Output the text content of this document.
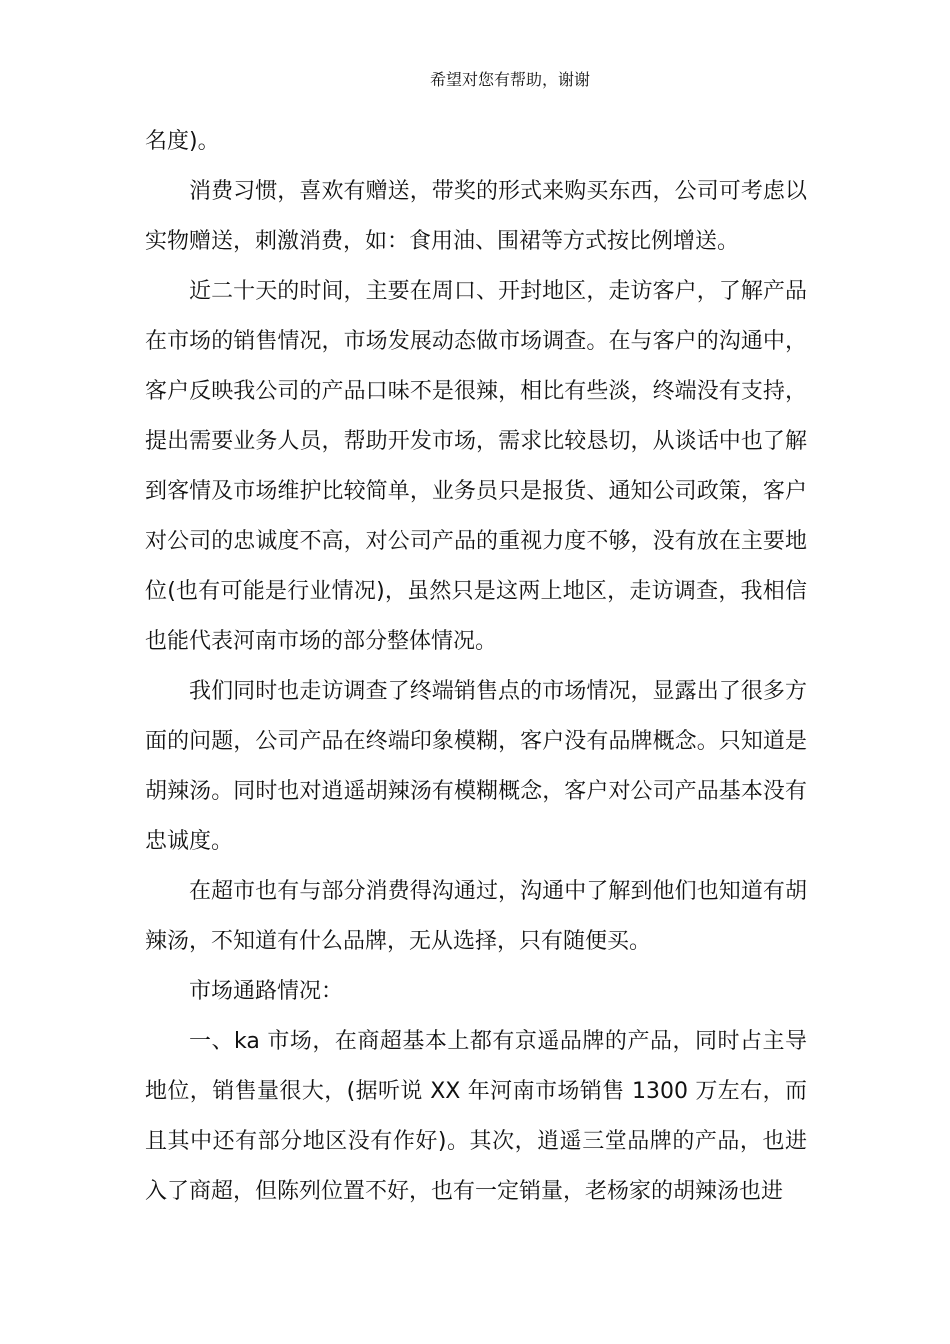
希望对您有帮助，谢谢

名度)。

消费习惯，喜欢有赠送，带奖的形式来购买东西，公司可考虑以实物赠送，刺激消费，如：食用油、围裙等方式按比例增送。

近二十天的时间，主要在周口、开封地区，走访客户，了解产品在市场的销售情况，市场发展动态做市场调查。在与客户的沟通中，客户反映我公司的产品口味不是很辣，相比有些淡，终端没有支持，提出需要业务人员，帮助开发市场，需求比较恳切，从谈话中也了解到客情及市场维护比较简单，业务员只是报货、通知公司政策，客户对公司的忠诚度不高，对公司产品的重视力度不够，没有放在主要地位(也有可能是行业情况)，虽然只是这两上地区，走访调查，我相信也能代表河南市场的部分整体情况。

我们同时也走访调查了终端销售点的市场情况，显露出了很多方面的问题，公司产品在终端印象模糊，客户没有品牌概念。只知道是胡辣汤。同时也对逍遥胡辣汤有模糊概念，客户对公司产品基本没有忠诚度。

在超市也有与部分消费得沟通过，沟通中了解到他们也知道有胡辣汤，不知道有什么品牌，无从选择，只有随便买。

市场通路情况：

一、ka 市场，在商超基本上都有京遥品牌的产品，同时占主导地位，销售量很大，(据听说 XX 年河南市场销售 1300 万左右，而且其中还有部分地区没有作好)。其次，逍遥三堂品牌的产品，也进入了商超，但陈列位置不好，也有一定销量，老杨家的胡辣汤也进
